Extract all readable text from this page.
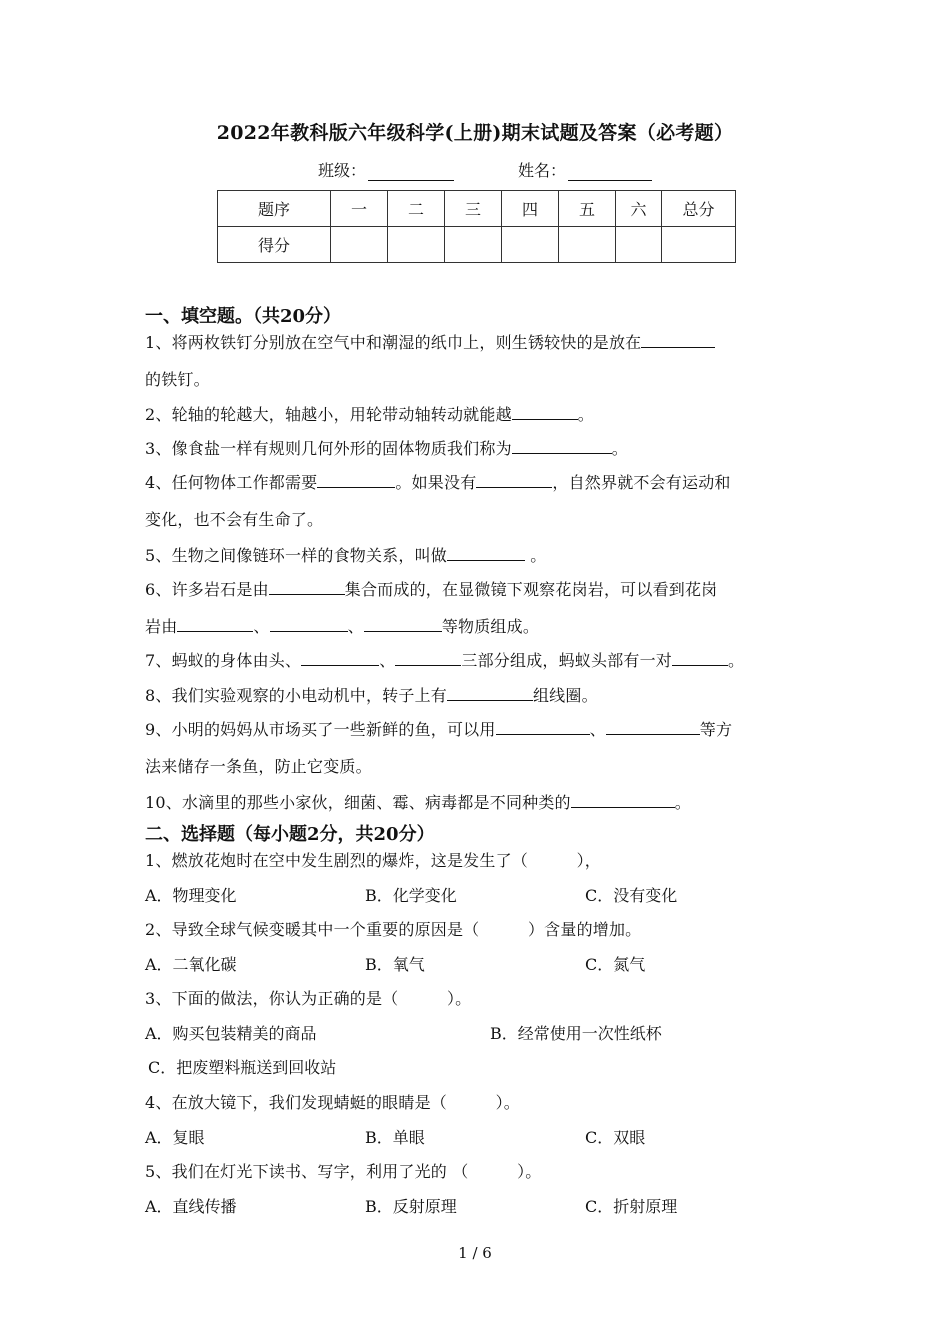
2022年教科版六年级科学(上册)期末试题及答案（必考题）
班级：	姓名：
题序	一	二	三	四	五	六	总分
得分							
一、填空题。（共20分）
1、将两枚铁钉分别放在空气中和潮湿的纸巾上，则生锈较快的是放在
的铁钉。
2、轮轴的轮越大，轴越小，用轮带动轴转动就能越	。
3、像食盐一样有规则几何外形的固体物质我们称为	。
4、任何物体工作都需要	。如果没有	，自然界就不会有运动和
变化，也不会有生命了。
5、生物之间像链环一样的食物关系，叫做	。
6、许多岩石是由	集合而成的，在显微镜下观察花岗岩，可以看到花岗
岩由	、	、	等物质组成。
7、蚂蚁的身体由头、	、	三部分组成，蚂蚁头部有一对	。
8、我们实验观察的小电动机中，转子上有	组线圈。
9、小明的妈妈从市场买了一些新鲜的鱼，可以用	、	等方
法来储存一条鱼，防止它变质。
10、水滴里的那些小家伙，细菌、霉、病毒都是不同种类的	。
二、选择题（每小题2分，共20分）
1、燃放花炮时在空中发生剧烈的爆炸，这是发生了（　　　），
A．物理变化	B．化学变化	C．没有变化
2、导致全球气候变暖其中一个重要的原因是（　　　）含量的增加。
A．二氧化碳	B．氧气	C．氮气
3、下面的做法，你认为正确的是（　　　）。
A．购买包装精美的商品	B．经常使用一次性纸杯
C．把废塑料瓶送到回收站
4、在放大镜下，我们发现蜻蜓的眼睛是（　　　）。
A．复眼	B．单眼	C．双眼
5、我们在灯光下读书、写字，利用了光的 （　　　）。
A．直线传播	B．反射原理	C．折射原理
1 / 6
